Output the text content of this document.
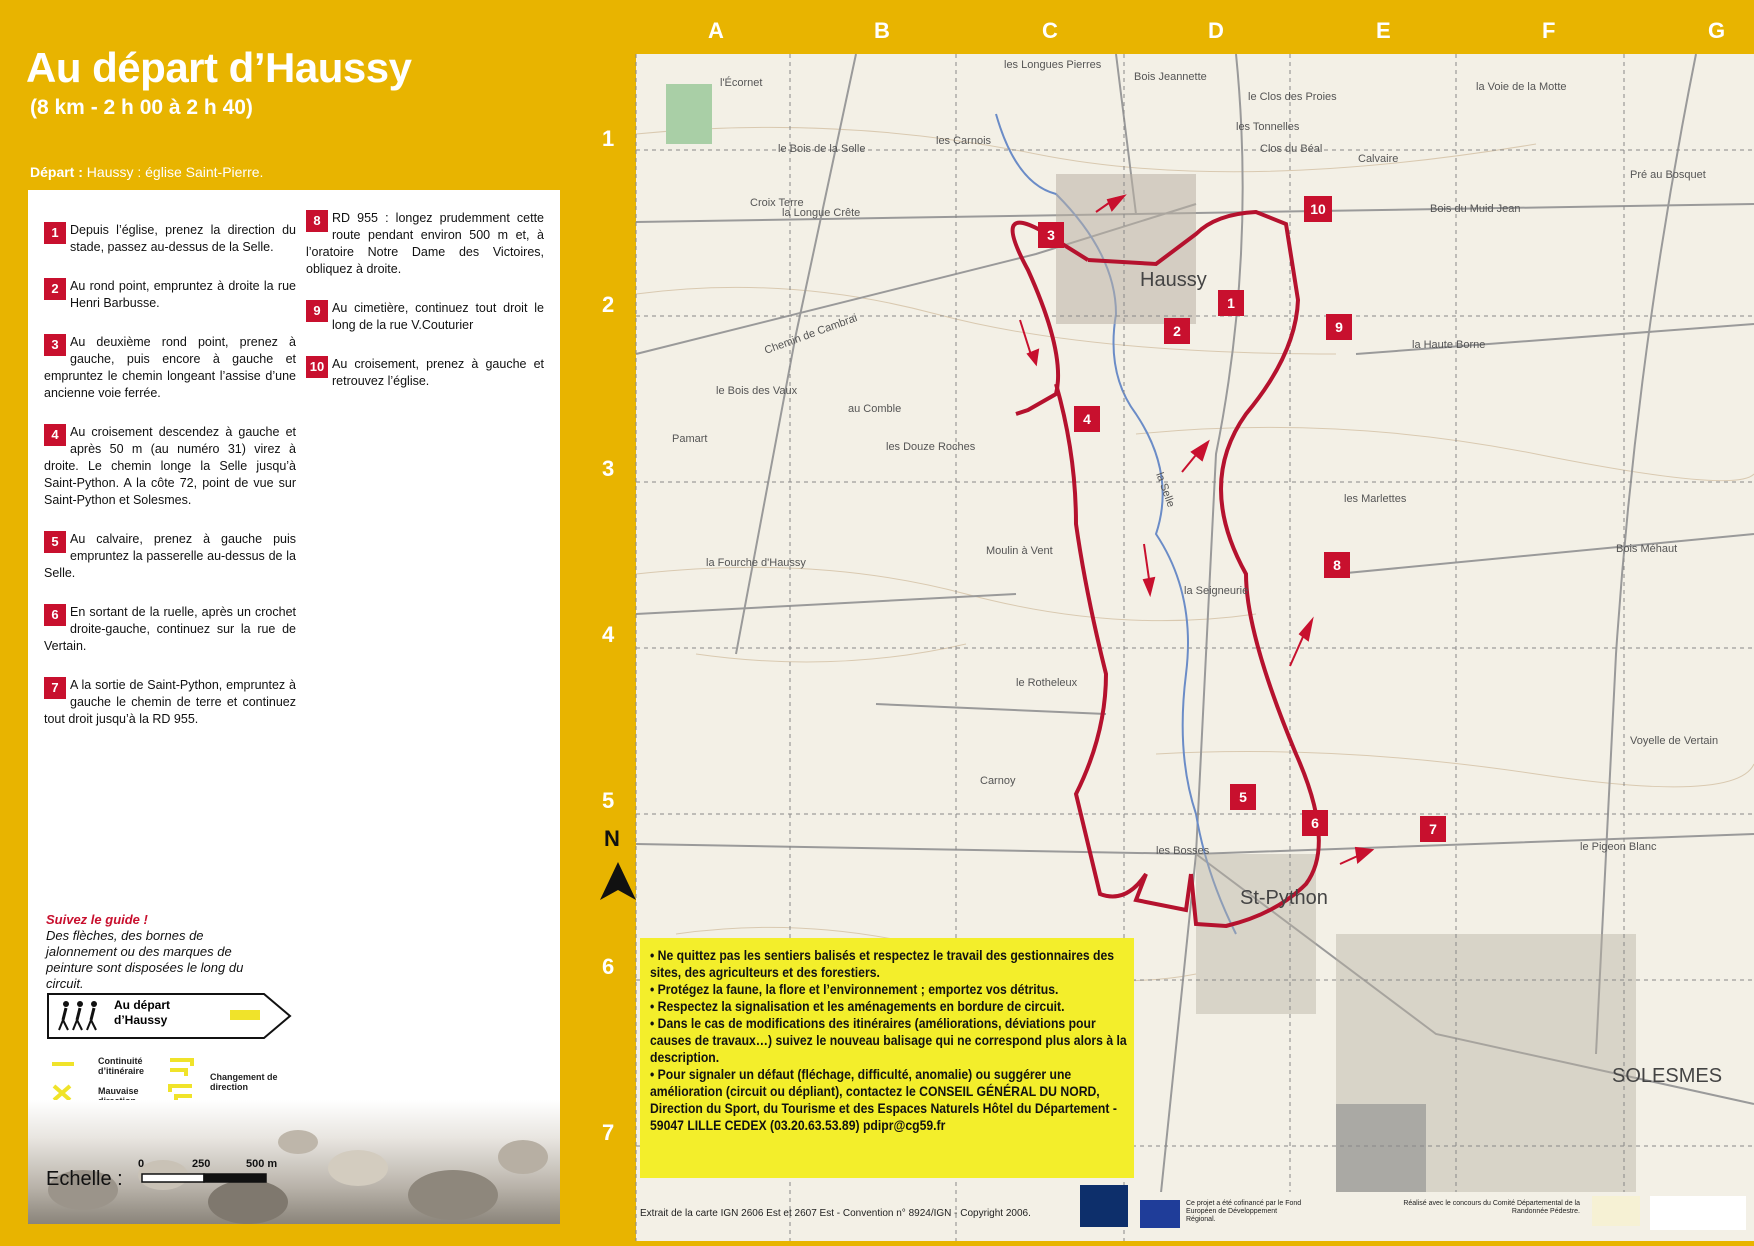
Au départ d’Haussy
(8 km - 2 h 00 à 2 h 40)
Départ : Haussy : église Saint-Pierre.
1 Depuis l’église, prenez la direction du stade, passez au-dessus de la Selle.
2 Au rond point, empruntez à droite la rue Henri Barbusse.
3 Au deuxième rond point, prenez à gauche, puis encore à gauche et empruntez le chemin longeant l’assise d’une ancienne voie ferrée.
4 Au croisement descendez à gauche et après 50 m (au numéro 31) virez à droite. Le chemin longe la Selle jusqu’à Saint-Python. A la côte 72, point de vue sur Saint-Python et Solesmes.
5 Au calvaire, prenez à gauche puis empruntez la passerelle au-dessus de la Selle.
6 En sortant de la ruelle, après un crochet droite-gauche, continuez sur la rue de Vertain.
7 A la sortie de Saint-Python, empruntez à gauche le chemin de terre et continuez tout droit jusqu’à la RD 955.
8 RD 955 : longez prudemment cette route pendant environ 500 m et, à l’oratoire Notre Dame des Victoires, obliquez à droite.
9 Au cimetière, continuez tout droit le long de la rue V.Couturier
10 Au croisement, prenez à gauche et retrouvez l’église.
Suivez le guide !
Des flèches, des bornes de jalonnement ou des marques de peinture sont disposées le long du circuit.
Au départ d’Haussy
Continuité d’itinéraire
Mauvaise
Changement de direction
Echelle :
0	250	500 m
A	B	C	D	E	F	G
1
2
3
4
5
6
7
les Longues Pierres
Bois Jeannette
la Voie de la Motte
le Clos des Proies
les Tonnelles
Clos du Béal
Calvaire
Pré au Bosquet
le Bois de la Selle
les Carnois
Croix Terre
la Longue Crête
l'Écornet
Bois du Muid Jean
le Bois des Vaux
au Comble
la Haute Borne
Pamart
les Douze Roches
les Marlettes
la Fourche d'Haussy
Moulin à Vent
la Seigneurie
Bois Méhaut
le Rotheleux
Voyelle de Vertain
les Bosses	le Pigeon Blanc
Carnoy
la Selle
Chemin de Cambrai
Haussy
St-Python
SOLESMES
N
3
10
1
2	9
4
8
5
6	7
• Ne quittez pas les sentiers balisés et respectez le travail des gestionnaires des sites, des agriculteurs et des forestiers.
• Protégez la faune, la flore et l’environnement ; emportez vos détritus.
• Respectez la signalisation et les aménagements en bordure de circuit.
• Dans le cas de modifications des itinéraires (améliorations, déviations pour causes de travaux…) suivez le nouveau balisage qui ne correspond plus alors à la description.
• Pour signaler un défaut (fléchage, difficulté, anomalie) ou suggérer une amélioration (circuit ou dépliant), contactez le CONSEIL GÉNÉRAL DU NORD, Direction du Sport, du Tourisme et des Espaces Naturels Hôtel du Département - 59047 LILLE CEDEX (03.20.63.53.89) pdipr@cg59.fr
Extrait de la carte IGN 2606 Est et 2607 Est - Convention n° 8924/IGN - Copyright 2006.
Ce projet a été cofinancé par le Fond Européen de Développement Régional.
Réalisé avec le concours du Comité Départemental de la Randonnée Pédestre.
